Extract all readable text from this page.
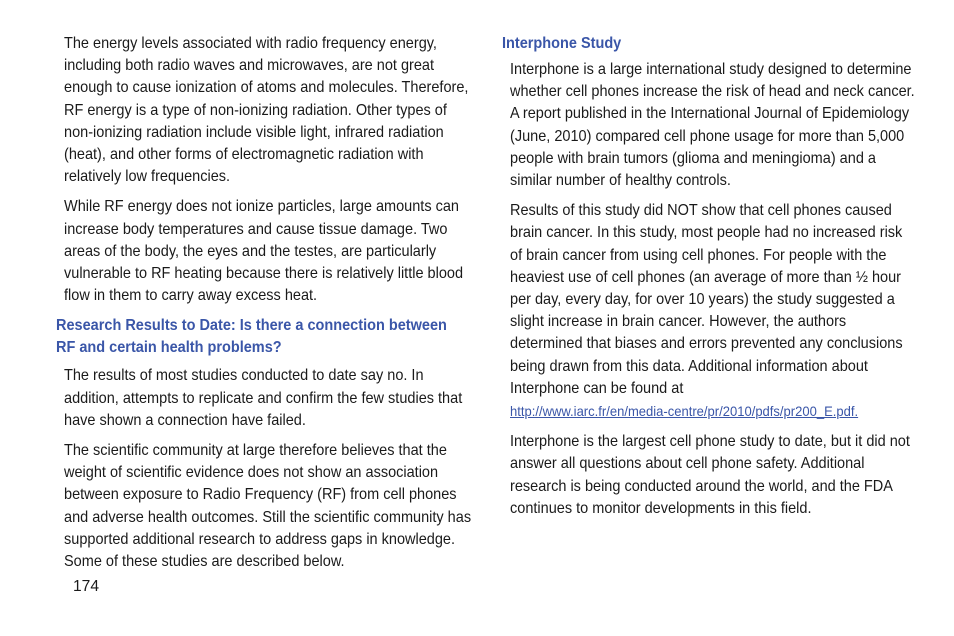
The energy levels associated with radio frequency energy, including both radio waves and microwaves, are not great enough to cause ionization of atoms and molecules. Therefore, RF energy is a type of non-ionizing radiation. Other types of non-ionizing radiation include visible light, infrared radiation (heat), and other forms of electromagnetic radiation with relatively low frequencies.

While RF energy does not ionize particles, large amounts can increase body temperatures and cause tissue damage. Two areas of the body, the eyes and the testes, are particularly vulnerable to RF heating because there is relatively little blood flow in them to carry away excess heat.

Research Results to Date: Is there a connection between RF and certain health problems?

The results of most studies conducted to date say no. In addition, attempts to replicate and confirm the few studies that have shown a connection have failed.

The scientific community at large therefore believes that the weight of scientific evidence does not show an association between exposure to Radio Frequency (RF) from cell phones and adverse health outcomes. Still the scientific community has supported additional research to address gaps in knowledge. Some of these studies are described below.

Interphone Study

Interphone is a large international study designed to determine whether cell phones increase the risk of head and neck cancer. A report published in the International Journal of Epidemiology (June, 2010) compared cell phone usage for more than 5,000 people with brain tumors (glioma and meningioma) and a similar number of healthy controls.

Results of this study did NOT show that cell phones caused brain cancer. In this study, most people had no increased risk of brain cancer from using cell phones. For people with the heaviest use of cell phones (an average of more than ½ hour per day, every day, for over 10 years) the study suggested a slight increase in brain cancer. However, the authors determined that biases and errors prevented any conclusions being drawn from this data. Additional information about Interphone can be found at
http://www.iarc.fr/en/media-centre/pr/2010/pdfs/pr200_E.pdf.

Interphone is the largest cell phone study to date, but it did not answer all questions about cell phone safety. Additional research is being conducted around the world, and the FDA continues to monitor developments in this field.

174
